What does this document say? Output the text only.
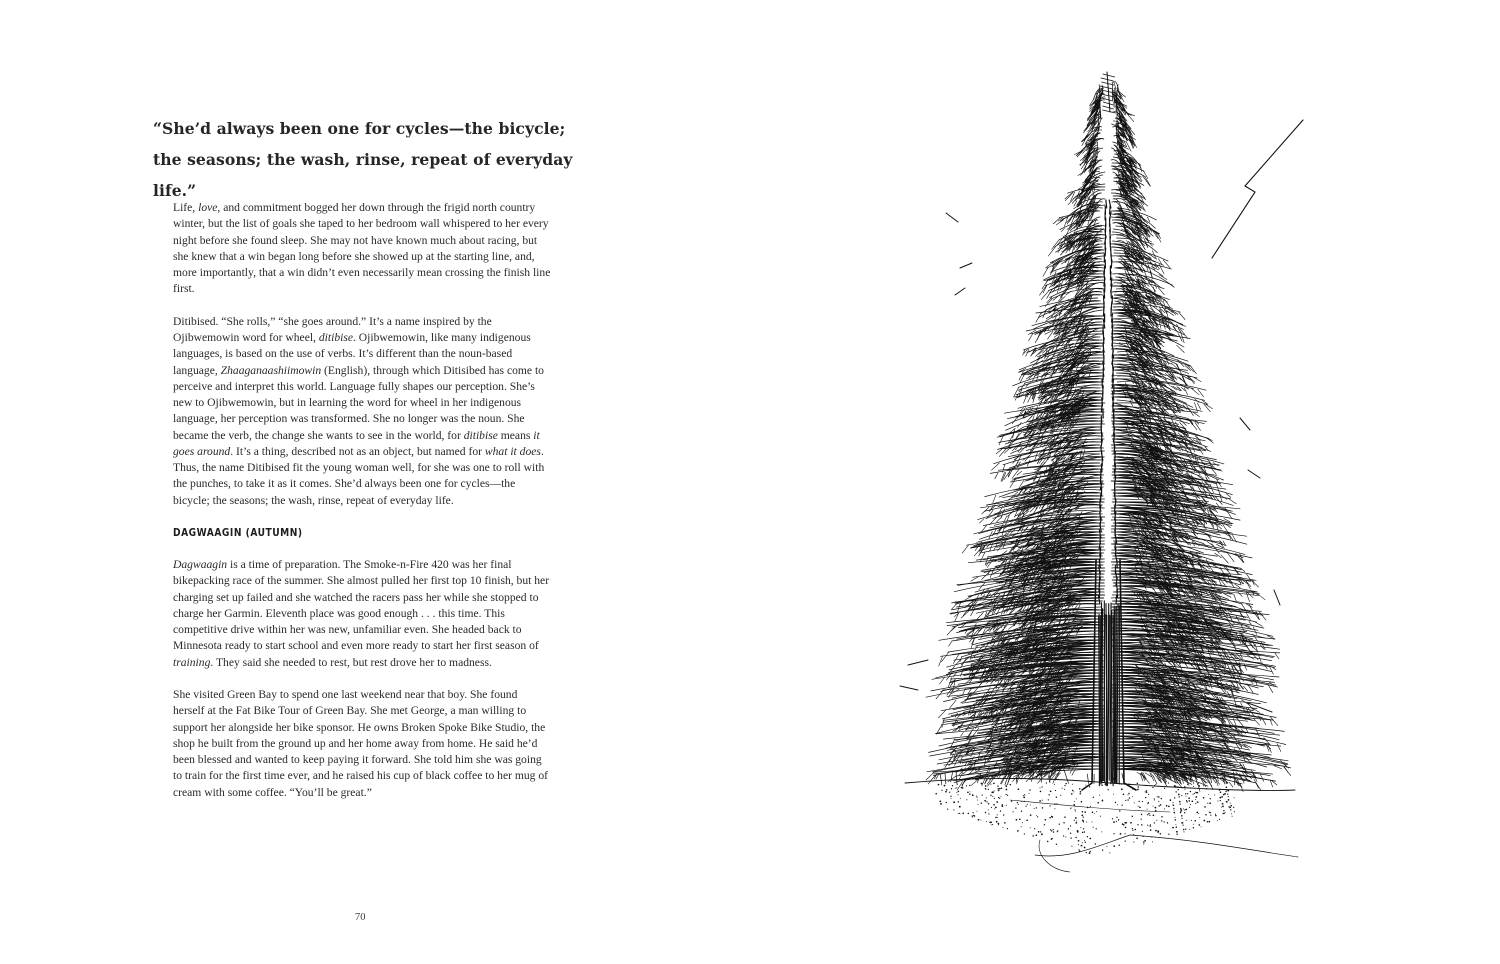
“She’d always been one for cycles—the bicycle; the seasons; the wash, rinse, repeat of everyday life.”

Life, love, and commitment bogged her down through the frigid north country winter, but the list of goals she taped to her bedroom wall whispered to her every night before she found sleep. She may not have known much about racing, but she knew that a win began long before she showed up at the starting line, and, more importantly, that a win didn’t even necessarily mean crossing the finish line first.

Ditibised. “She rolls,” “she goes around.” It’s a name inspired by the Ojibwemowin word for wheel, ditibise. Ojibwemowin, like many indigenous languages, is based on the use of verbs. It’s different than the noun-based language, Zhaaganaashiimowin (English), through which Ditisibed has come to perceive and interpret this world. Language fully shapes our perception. She’s new to Ojibwemowin, but in learning the word for wheel in her indigenous language, her perception was transformed. She no longer was the noun. She became the verb, the change she wants to see in the world, for ditibise means it goes around. It’s a thing, described not as an object, but named for what it does. Thus, the name Ditibised fit the young woman well, for she was one to roll with the punches, to take it as it comes. She’d always been one for cycles—the bicycle; the seasons; the wash, rinse, repeat of everyday life.

DAGWAAGIN (AUTUMN)

Dagwaagin is a time of preparation. The Smoke-n-Fire 420 was her final bikepacking race of the summer. She almost pulled her first top 10 finish, but her charging set up failed and she watched the racers pass her while she stopped to charge her Garmin. Eleventh place was good enough . . . this time. This competitive drive within her was new, unfamiliar even. She headed back to Minnesota ready to start school and even more ready to start her first season of training. They said she needed to rest, but rest drove her to madness.

She visited Green Bay to spend one last weekend near that boy. She found herself at the Fat Bike Tour of Green Bay. She met George, a man willing to support her alongside her bike sponsor. He owns Broken Spoke Bike Studio, the shop he built from the ground up and her home away from home. He said he’d been blessed and wanted to keep paying it forward. She told him she was going to train for the first time ever, and he raised his cup of black coffee to her mug of cream with some coffee. “You’ll be great.”

70
